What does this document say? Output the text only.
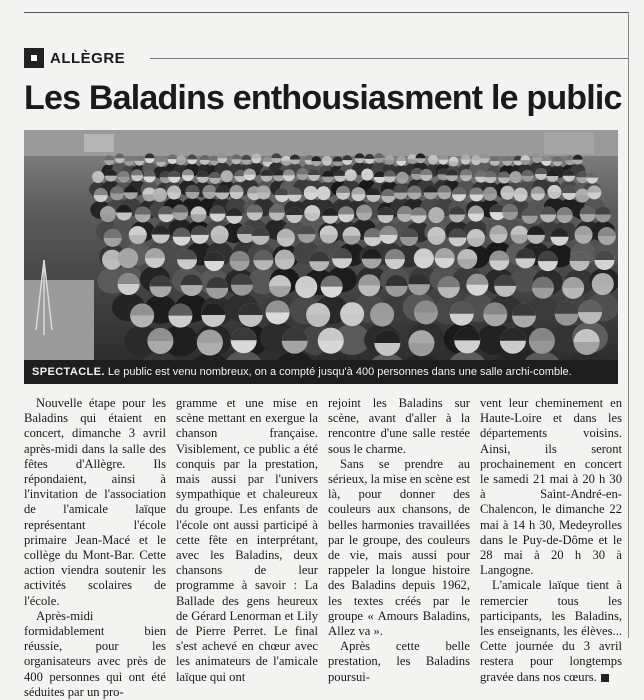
ALLÈGRE
Les Baladins enthousiasment le public
SPECTACLE. Le public est venu nombreux, on a compté jusqu'à 400 personnes dans une salle archi-comble.

Nouvelle étape pour les Baladins qui étaient en concert, dimanche 3 avril après-midi dans la salle des fêtes d'Allègre. Ils répondaient, ainsi à l'invitation de l'association de l'amicale laïque représentant l'école primaire Jean-Macé et le collège du Mont-Bar. Cette action viendra soutenir les activités scolaires de l'école.

Après-midi formidablement bien réussie, pour les organisateurs avec près de 400 personnes qui ont été séduites par un pro-

gramme et une mise en scène mettant en exergue la chanson française. Visiblement, ce public a été conquis par la prestation, mais aussi par l'univers sympathique et chaleureux du groupe. Les enfants de l'école ont aussi participé à cette fête en interprétant, avec les Baladins, deux chansons de leur programme à savoir : La Ballade des gens heureux de Gérard Lenorman et Lily de Pierre Perret. Le final s'est achevé en chœur avec les animateurs de l'amicale laïque qui ont

rejoint les Baladins sur scène, avant d'aller à la rencontre d'une salle restée sous le charme.

Sans se prendre au sérieux, la mise en scène est là, pour donner des couleurs aux chansons, de belles harmonies travaillées par le groupe, des couleurs de vie, mais aussi pour rappeler la longue histoire des Baladins depuis 1962, les textes créés par le groupe « Amours Baladins, Allez va ».

Après cette belle prestation, les Baladins poursui-

vent leur cheminement en Haute-Loire et dans les départements voisins. Ainsi, ils seront prochainement en concert le samedi 21 mai à 20 h 30 à Saint-André-en-Chalencon, le dimanche 22 mai à 14 h 30, Medeyrolles dans le Puy-de-Dôme et le 28 mai à 20 h 30 à Langogne.

L'amicale laïque tient à remercier tous les participants, les Baladins, les enseignants, les élèves... Cette journée du 3 avril restera pour longtemps gravée dans nos cœurs.
